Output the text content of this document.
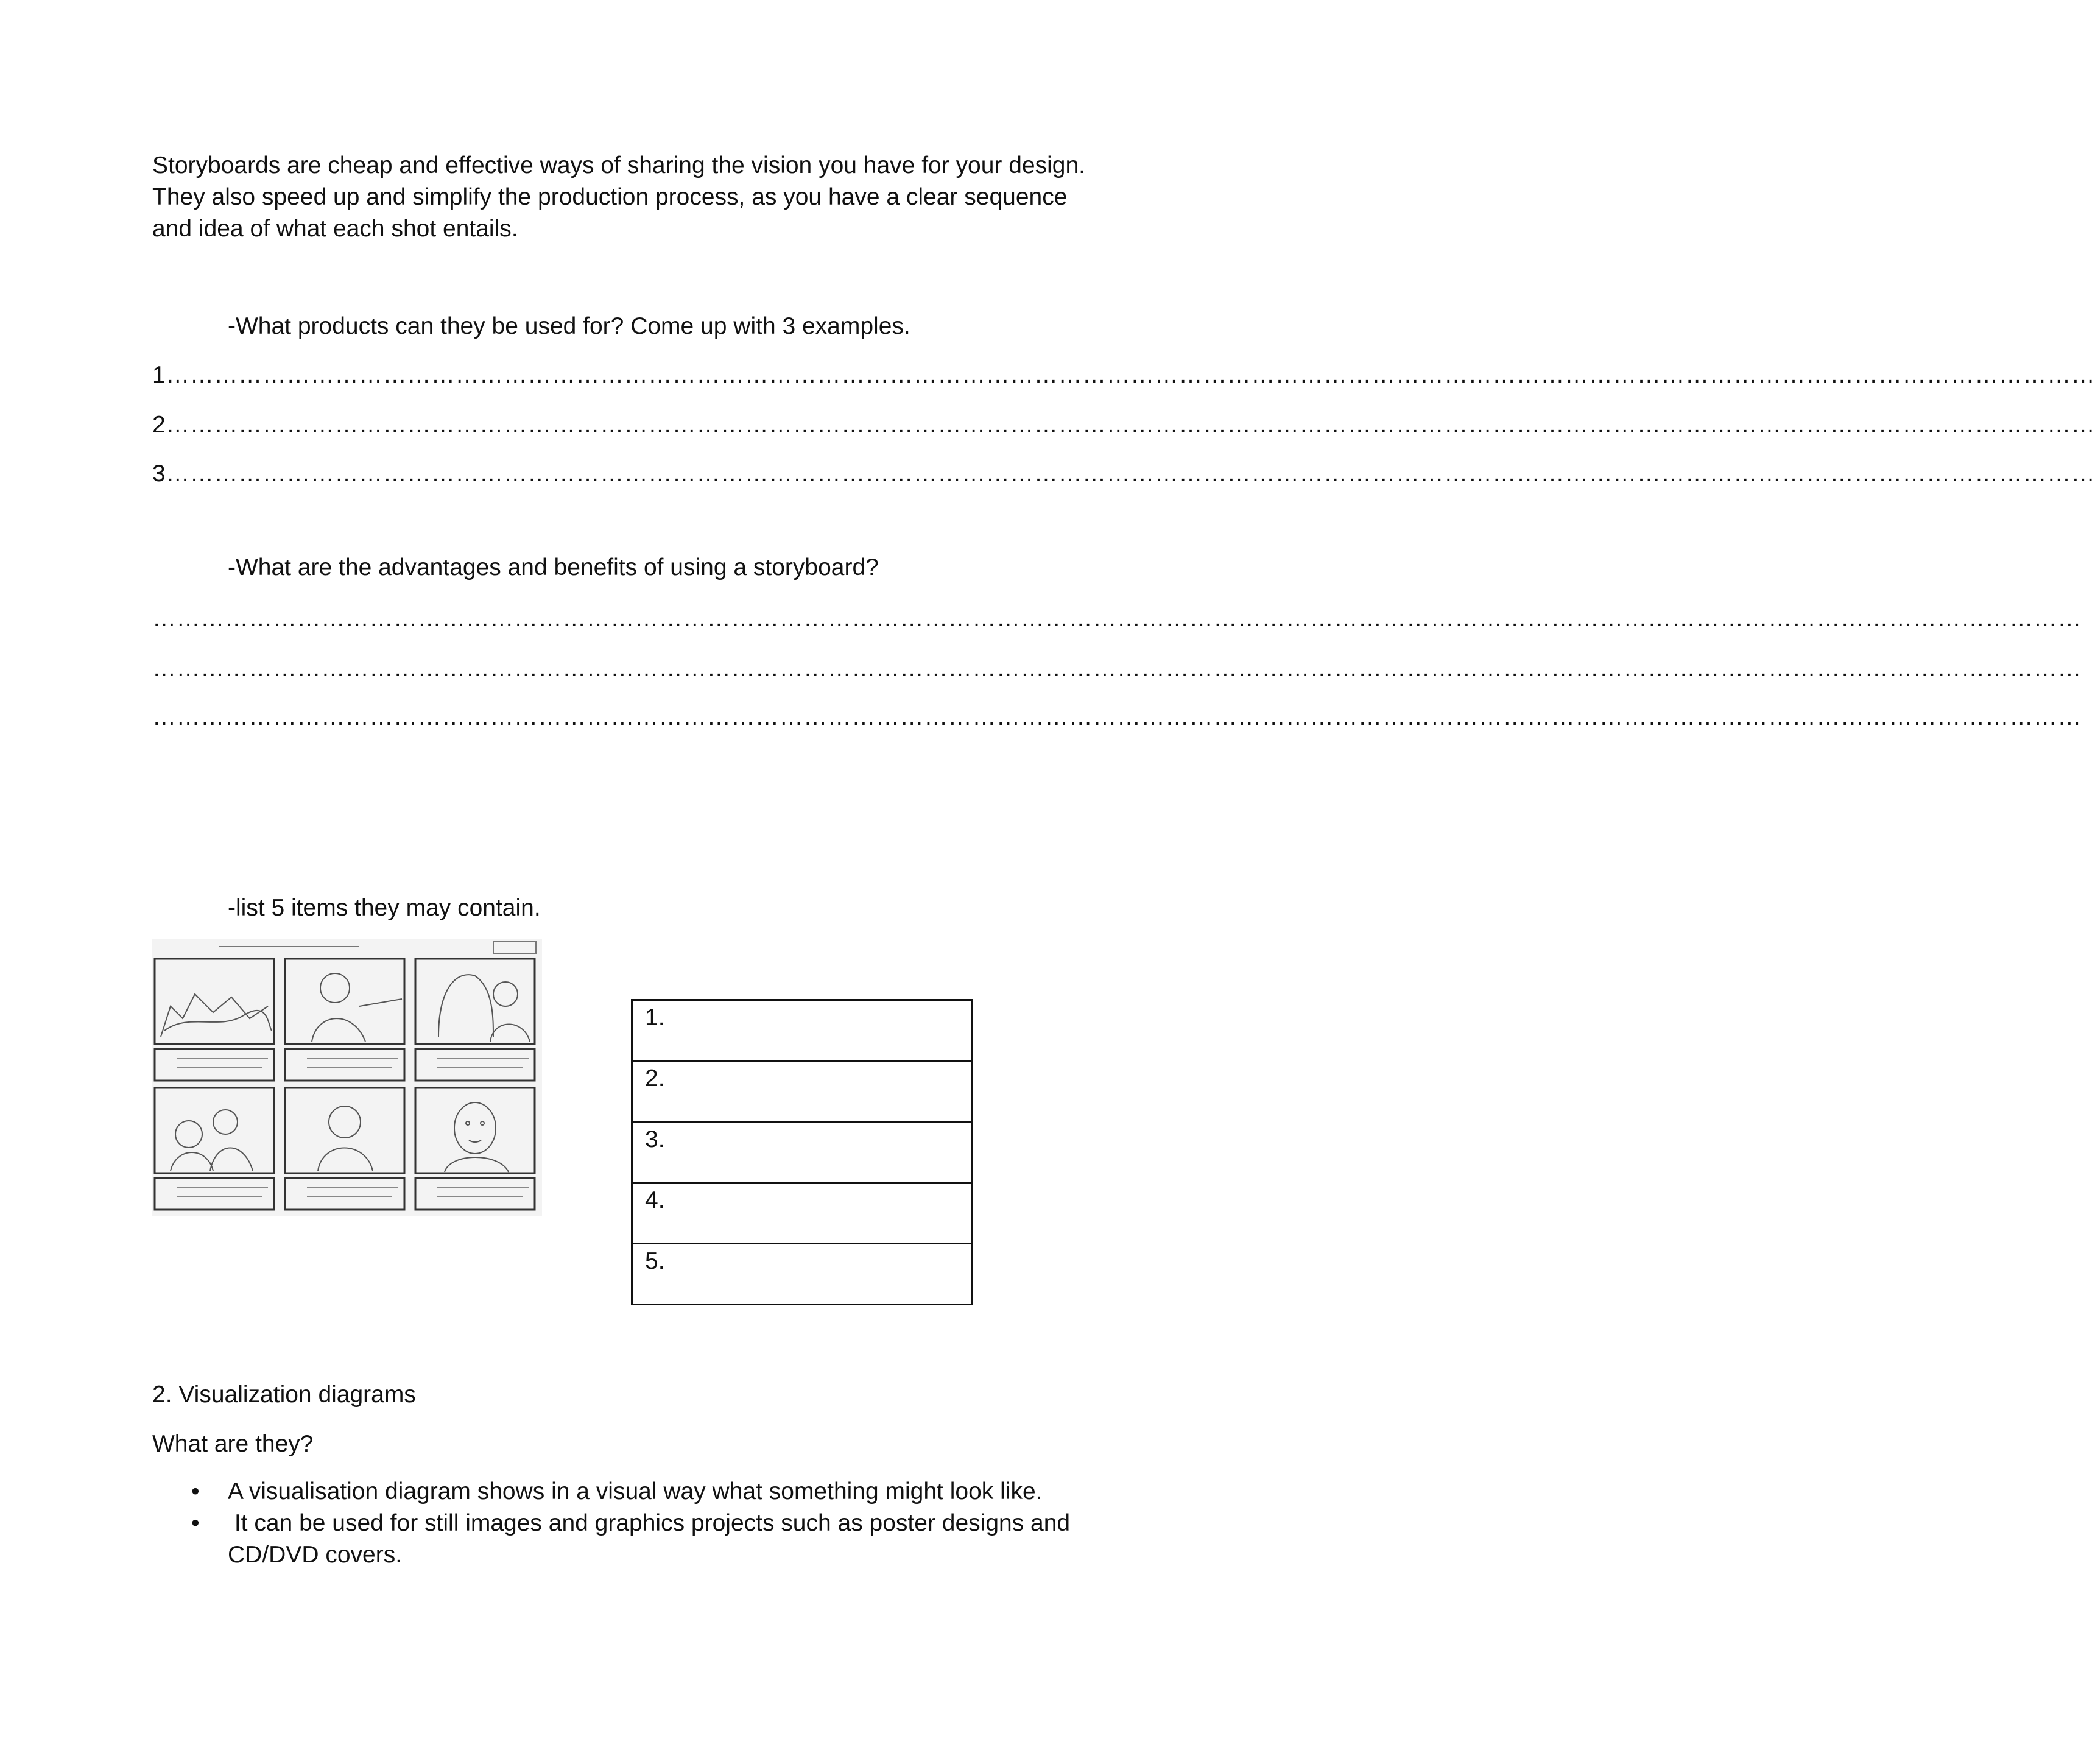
Storyboards are cheap and effective ways of sharing the vision you have for your design. They also speed up and simplify the production process, as you have a clear sequence and idea of what each shot entails.

-What products can they be used for? Come up with 3 examples.

1……………………………………………………………………………………………………………………………………………………………………………………………………………………
2……………………………………………………………………………………………………………………………………………………………………………………………………………………
3……………………………………………………………………………………………………………………………………………………………………………………………………………………

-What are the advantages and benefits of using a storyboard?

……………………………………………………………………………………………………………………………………………………………………………………………………………………
……………………………………………………………………………………………………………………………………………………………………………………………………………………
……………………………………………………………………………………………………………………………………………………………………………………………………………………

-list 5 items they may contain.

1.
2.
3.
4.
5.

2. Visualization diagrams

What are they?

• A visualisation diagram shows in a visual way what something might look like.
• It can be used for still images and graphics projects such as poster designs and CD/DVD covers.
